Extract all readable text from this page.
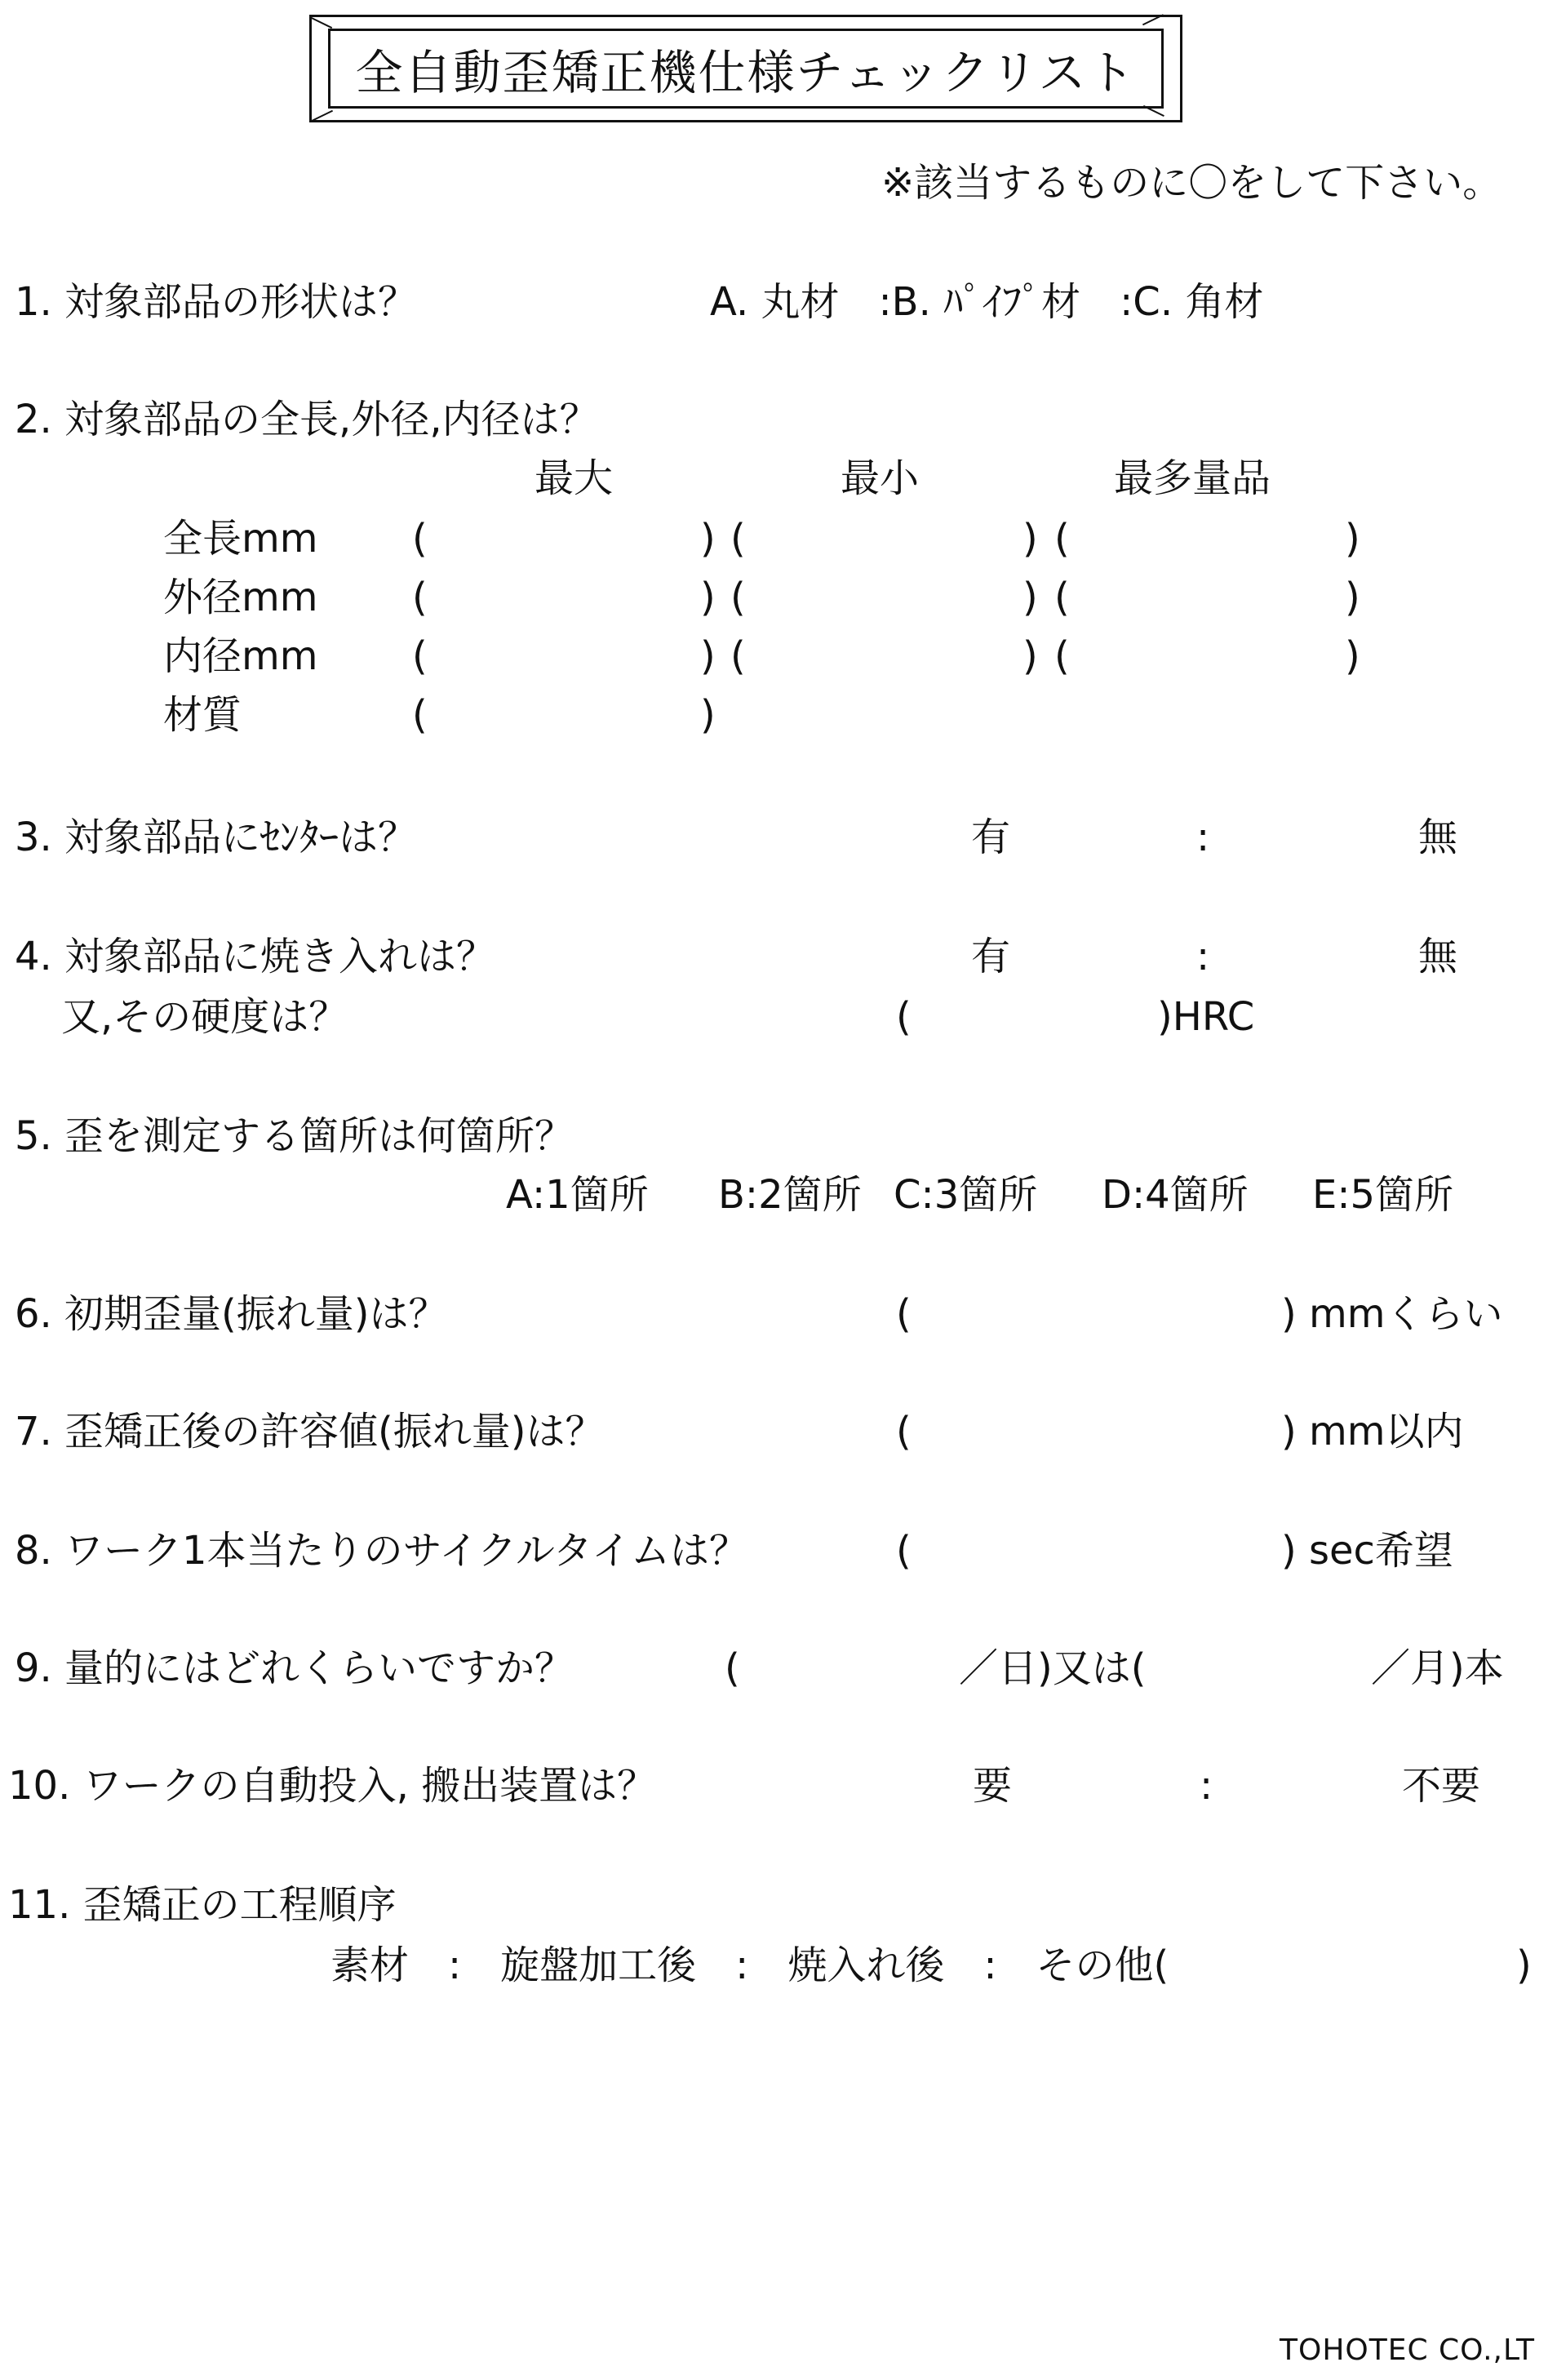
全自動歪矯正機仕様チェックリスト
※該当するものに〇をして下さい。
1. 対象部品の形状は？	A. 丸材　:B. ﾊﾟｲﾌﾟ材　:C. 角材
2. 対象部品の全長,外径,内径は？
最大	最小	最多量品
全長mm (	) (	) (	)
外径mm (	) (	) (	)
内径mm (	) (	) (	)
材質	(	)
3. 対象部品にｾﾝﾀｰは？	有	:	無
4. 対象部品に焼き入れは？	有	:	無
又,その硬度は？	(	)HRC
5. 歪を測定する箇所は何箇所？
A:1箇所 B:2箇所 C:3箇所 D:4箇所 E:5箇所
6. 初期歪量(振れ量)は？	(	) mmくらい
7. 歪矯正後の許容値(振れ量)は？	(	) mm以内
8. ワーク1本当たりのサイクルタイムは？	(	) sec希望
9. 量的にはどれくらいですか？	(	／日)又は(	／月)本
10. ワークの自動投入, 搬出装置は？	要	:	不要
11. 歪矯正の工程順序
素材　:　旋盤加工後　:　焼入れ後　:　その他(	)
TOHOTEC CO.,LT
